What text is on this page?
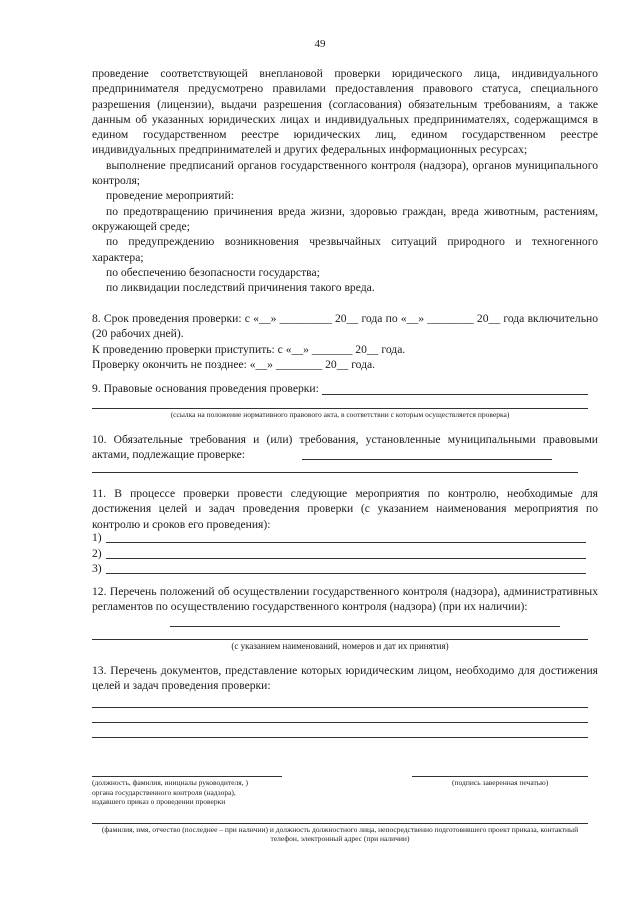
49

проведение соответствующей внеплановой проверки юридического лица, индивидуального предпринимателя предусмотрено правилами предоставления правового статуса, специального разрешения (лицензии), выдачи разрешения (согласования) обязательным требованиям, а также данным об указанных юридических лицах и индивидуальных предпринимателях, содержащимся в едином государственном реестре юридических лиц, едином государственном реестре индивидуальных предпринимателей и других федеральных информационных ресурсах;

выполнение предписаний органов государственного контроля (надзора), органов муниципального контроля;

проведение мероприятий:

по предотвращению причинения вреда жизни, здоровью граждан, вреда животным, растениям, окружающей среде;

по предупреждению возникновения чрезвычайных ситуаций природного и техногенного характера;

по обеспечению безопасности государства;

по ликвидации последствий причинения такого вреда.

8. Срок проведения проверки: с «__» _________ 20__ года по «__» ________ 20__ года включительно (20 рабочих дней).

К проведению проверки приступить: с «__» _______ 20__ года.

Проверку окончить не позднее: «__» ________ 20__ года.

9. Правовые основания проведения проверки:

(ссылка на положение нормативного правового акта, в соответствии с которым осуществляется проверка)

10. Обязательные требования и (или) требования, установленные муниципальными правовыми актами, подлежащие проверке:

11. В процессе проверки провести следующие мероприятия по контролю, необходимые для достижения целей и задач проведения проверки (с указанием наименования мероприятия по контролю и сроков его проведения):

1)
2)
3)

12. Перечень положений об осуществлении государственного контроля (надзора), административных регламентов по осуществлению государственного контроля (надзора) (при их наличии):

(с указанием наименований, номеров и дат их принятия)

13. Перечень документов, представление которых юридическим лицом, необходимо для достижения целей и задач проведения проверки:

(должность, фамилия, инициалы руководителя, )
органа государственного контроля (надзора),
издавшего приказ о проведении проверки
(подпись заверенная печатью)
(фамилия, имя, отчество (последнее – при наличии) и должность должностного лица, непосредственно подготовившего проект приказа, контактный телефон, электронный адрес (при наличии)
